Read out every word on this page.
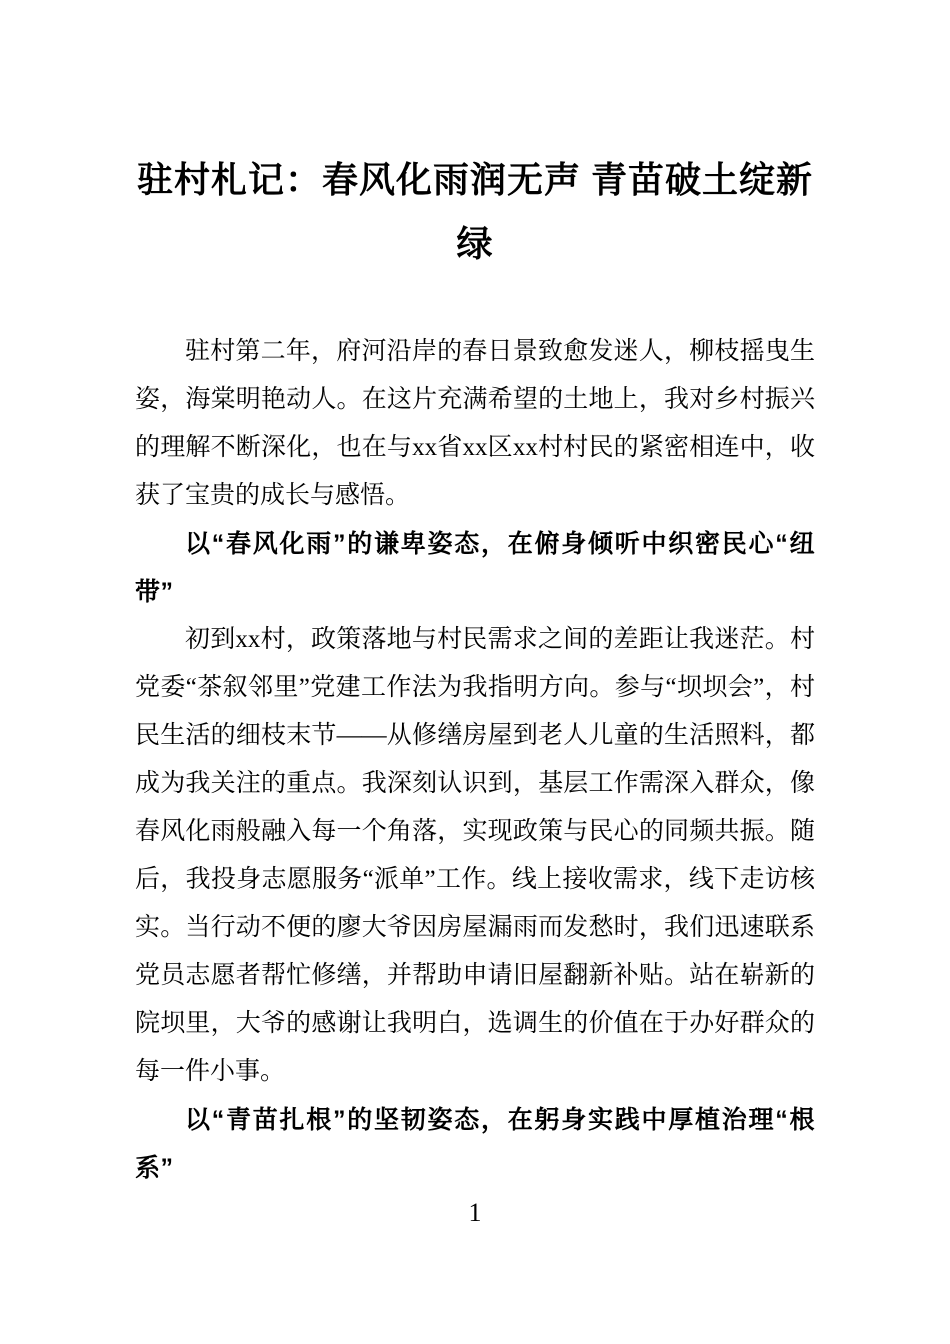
驻村札记：春风化雨润无声 青苗破土绽新绿

驻村第二年，府河沿岸的春日景致愈发迷人，柳枝摇曳生姿，海棠明艳动人。在这片充满希望的土地上，我对乡村振兴的理解不断深化，也在与xx省xx区xx村村民的紧密相连中，收获了宝贵的成长与感悟。

以“春风化雨”的谦卑姿态，在俯身倾听中织密民心“纽带”

初到xx村，政策落地与村民需求之间的差距让我迷茫。村党委“茶叙邻里”党建工作法为我指明方向。参与“坝坝会”，村民生活的细枝末节——从修缮房屋到老人儿童的生活照料，都成为我关注的重点。我深刻认识到，基层工作需深入群众，像春风化雨般融入每一个角落，实现政策与民心的同频共振。随后，我投身志愿服务“派单”工作。线上接收需求，线下走访核实。当行动不便的廖大爷因房屋漏雨而发愁时，我们迅速联系党员志愿者帮忙修缮，并帮助申请旧屋翻新补贴。站在崭新的院坝里，大爷的感谢让我明白，选调生的价值在于办好群众的每一件小事。

以“青苗扎根”的坚韧姿态，在躬身实践中厚植治理“根系”

1
